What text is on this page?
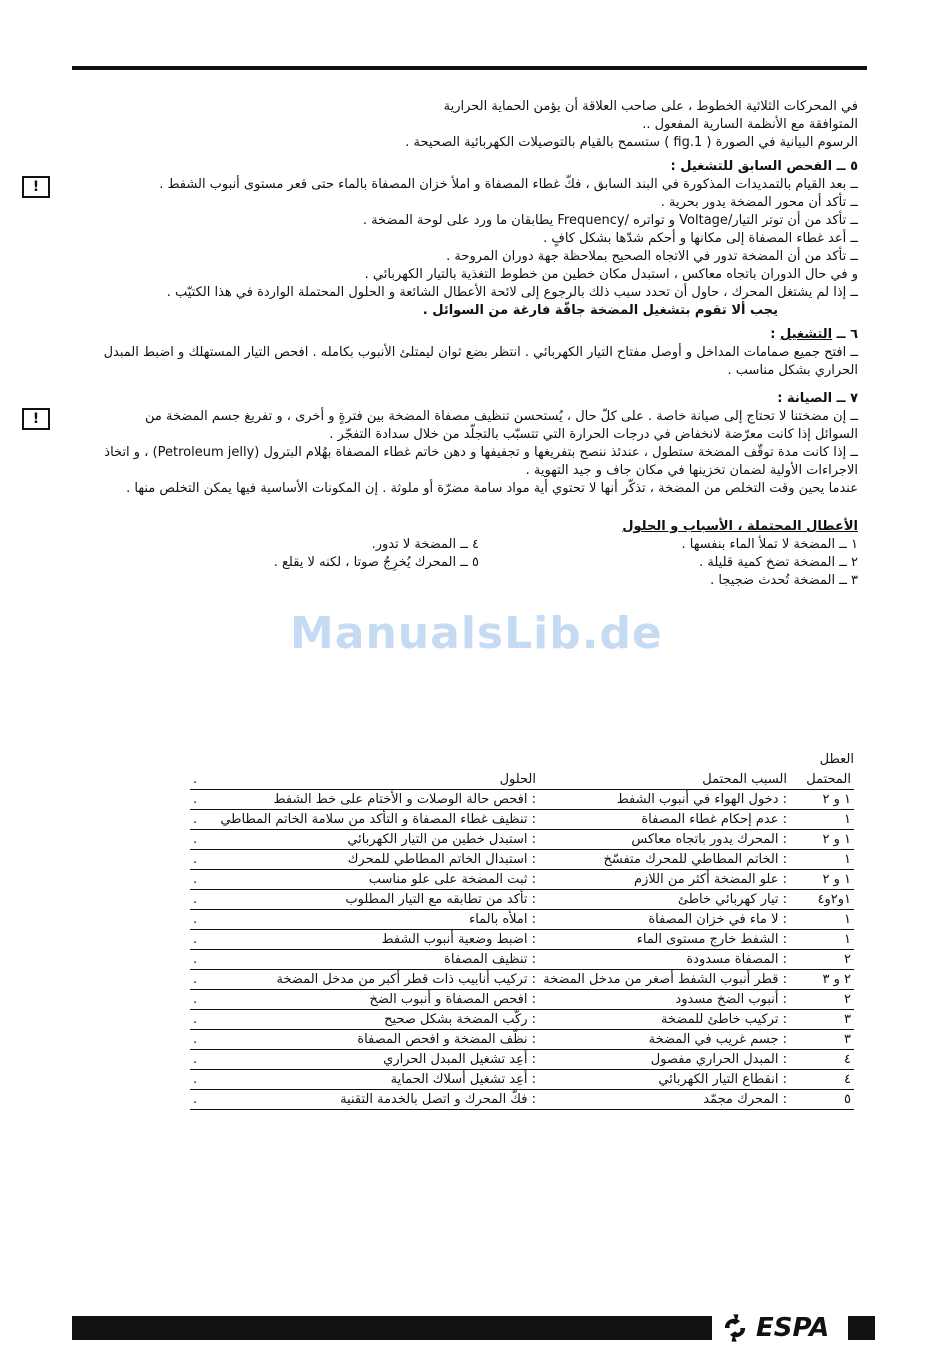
في المحركات الثلاثية الخطوط ، على صاحب العلاقة أن يؤمن الحماية الحرارية

المتوافقة مع الأنظمة السارية المفعول ..

الرسوم البيانية في الصورة ( fig.1 ) ستسمح بالقيام بالتوصيلات الكهربائية الصحيحة .

٥ ــ الفحص السابق للتشغيل :

!	ــ بعد القيام بالتمديدات المذكورة في البند السابق ، فكّ غطاء المصفاة و املأ خزان المصفاة بالماء حتى قعر مستوى أنبوب الشفط .

ــ تأكد أن محور المضخة يدور بحرية .

ــ تأكد من أن توتر التيار/Voltage و تواتره /Frequency يطابقان ما ورد على لوحة المضخة .

ــ أعد غطاء المصفاة إلى مكانها و أحكم شدّها بشكل كافٍ .

ــ تأكد من أن المضخة تدور في الاتجاه الصحيح بملاحظة جهة دوران المروحة .

و في حال الدوران باتجاه معاكس ، استبدل مكان خطين من خطوط التغذية بالتيار الكهربائي .

ــ إذا لم يشتغل المحرك ، حاول أن تحدد سبب ذلك بالرجوع إلى لائحة الأعطال الشائعة و الحلول المحتملة الواردة في هذا الكتيّب .

يجب ألا تقوم بتشغيل المضخة جافّة فارغة من السوائل .

٦ ــ التشغيل :

ــ افتح جميع صمامات المداخل و أوصل مفتاح التيار الكهربائي . انتظر بضع ثوان ليمتلئ الأنبوب بكامله . افحص التيار المستهلك و اضبط المبدل الحراري بشكل مناسب .

٧ ــ الصيانة :

!	ــ إن مضختنا لا تحتاج إلى صيانة خاصة . على كلّ حال ، يُستحسن تنظيف مصفاة المضخة بين فترةٍ و أخرى ، و تفريغ جسم المضخة من السوائل إذا كانت معرّضة لانخفاض في درجات الحرارة التي تتسبّب بالتجلّد من خلال سدادة التفجّر .

ــ إذا كانت مدة توقّف المضخة ستطول ، عندئذ ننصح بتفريغها و تجفيفها و دهن خاتم غطاء المصفاة بهُلام البترول (Petroleum jelly) ، و اتخاذ الاجراءات الأولية لضمان تخزينها في مكان جاف و جيد التهوية .

عندما يحين وقت التخلص من المضخة ، تذكّر أنها لا تحتوي أية مواد سامة مضرّة أو ملوثة . إن المكونات الأساسية فيها يمكن التخلص منها .

الأعطال المحتملة ، الأسباب و الحلول

١ ــ المضخة لا تملأ الماء بنفسها .

٢ ــ المضخة تضخ كمية قليلة .

٣ ــ المضخة تُحدث ضجيجا .

٤ ــ المضخة لا تدور.

٥ ــ المحرك يُخرِجُ صوتا ، لكنه لا يقلع .

العطل
المحتمل	السبب المحتمل	الحلول	.
١ و ٢	: دخول الهواء في أنبوب الشفط	: افحص حالة الوصلات و الأختام على خط الشفط	.
١	: عدم إحكام غطاء المصفاة	: تنظيف غطاء المصفاة و التأكد من سلامة الخاتم المطاطي	.
١ و ٢	: المحرك يدور باتجاه معاكس	: استبدل خطين من التيار الكهربائي	.
١	: الخاتم المطاطي للمحرك متفسّخ	: استبدال الخاتم المطاطي للمحرك	.
١ و ٢	: علو المضخة أكثر من اللازم	: ثبت المضخة على علو مناسب	.
١و٢و٤	: تيار كهربائي خاطئ	: تأكد من تطابقه مع التيار المطلوب	.
١	: لا ماء في خزان المصفاة	: املأه بالماء	.
١	: الشفط خارج مستوى الماء	: اضبط وضعية أنبوب الشفط	.
٢	: المصفاة مسدودة	: تنظيف المصفاة	.
٢ و ٣	: قطر أنبوب الشفط أصغر من مدخل المضخة	: تركيب أنابيب ذات قطر أكبر من مدخل المضخة	.
٢	: أنبوب الضخ مسدود	: افحص المصفاة و أنبوب الضخ	.
٣	: تركيب خاطئ للمضخة	: ركّب المضخة بشكل صحيح	.
٣	: جسم غريب في المضخة	: نظّف المضخة و افحص المصفاة	.
٤	: المبدل الحراري مفصول	: أعِد تشغيل المبدل الحراري	.
٤	: انقطاع التيار الكهربائي	: أعِد تشغيل أسلاك الحماية	.
٥	: المحرك مجمّد	: فكّ المحرك و اتصل بالخدمة التقنية	.
ManualsLib.de
ESPA
